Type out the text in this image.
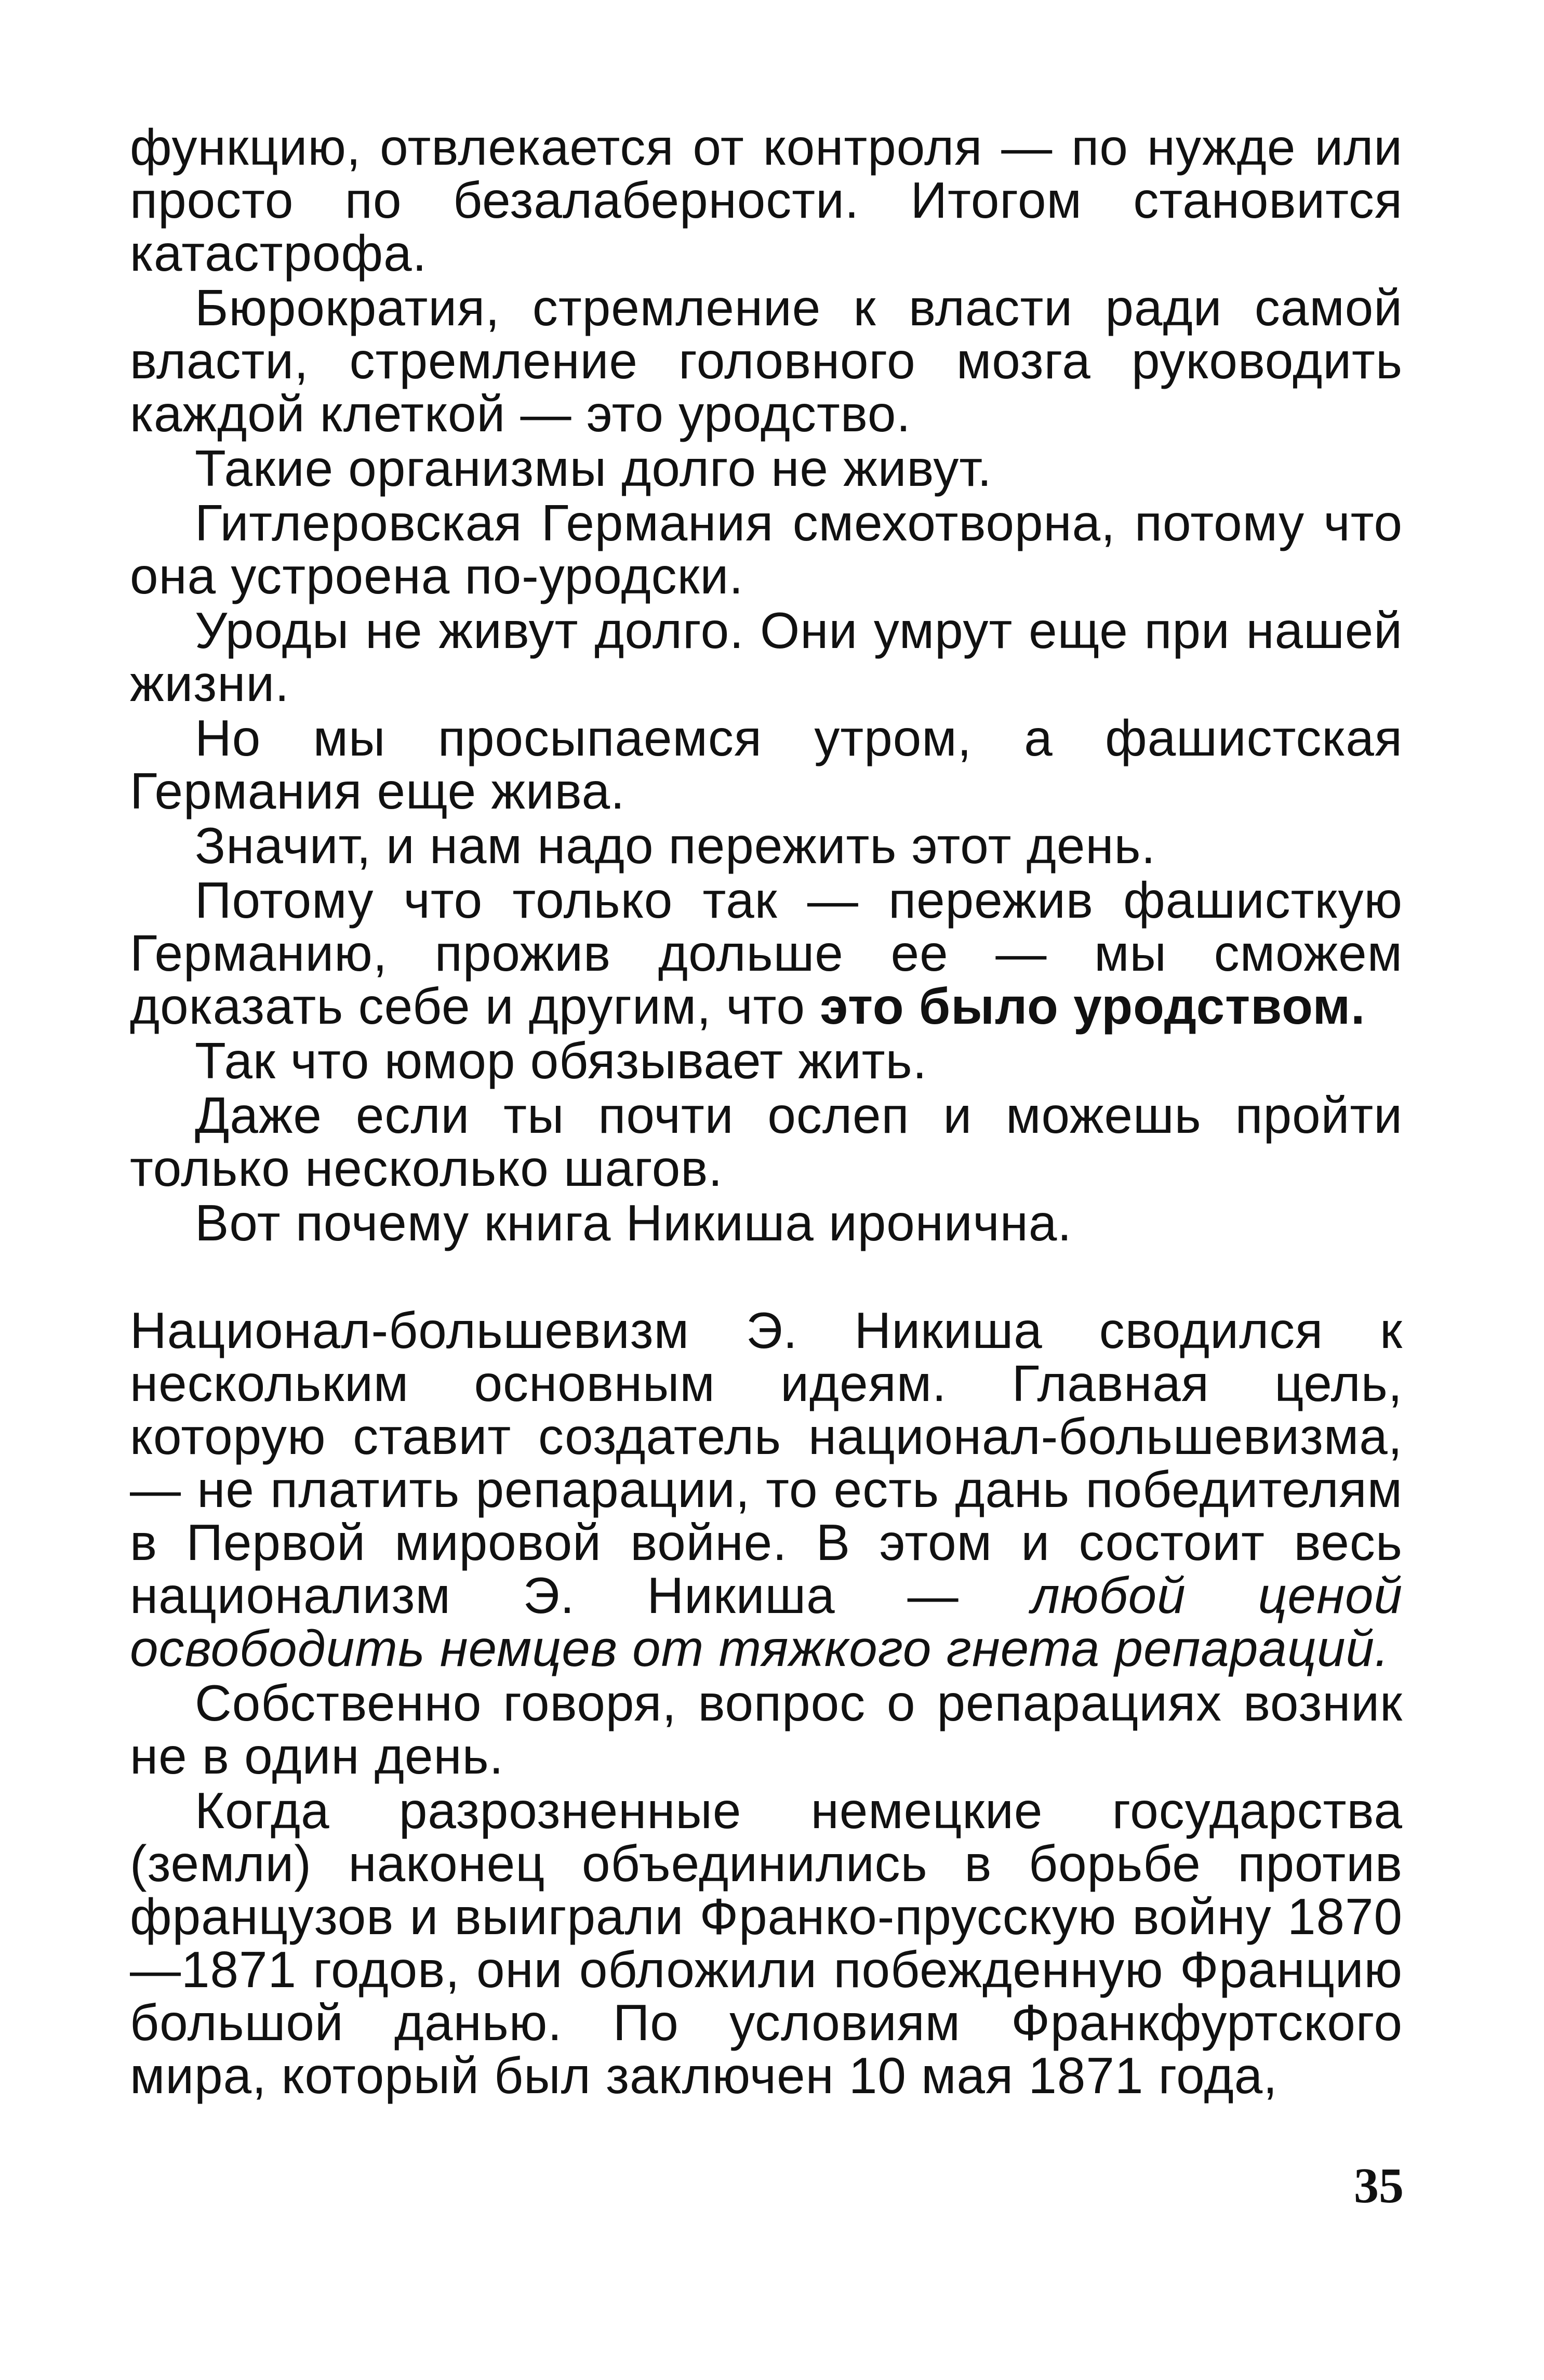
функцию, отвлекается от контроля — по нужде или просто по безалаберности. Итогом становится катастрофа.

Бюрократия, стремление к власти ради самой власти, стремление головного мозга руководить каждой клеткой — это уродство.

Такие организмы долго не живут.

Гитлеровская Германия смехотворна, потому что она устроена по-уродски.

Уроды не живут долго. Они умрут еще при нашей жизни.

Но мы просыпаемся утром, а фашистская Германия еще жива.

Значит, и нам надо пережить этот день.

Потому что только так — пережив фашисткую Германию, прожив дольше ее — мы сможем доказать себе и другим, что это было уродством.

Так что юмор обязывает жить.

Даже если ты почти ослеп и можешь пройти только несколько шагов.

Вот почему книга Никиша иронична.

Национал-большевизм Э. Никиша сводился к нескольким основным идеям. Главная цель, которую ставит создатель национал-большевизма, — не платить репарации, то есть дань победителям в Первой мировой войне. В этом и состоит весь национализм Э. Никиша — любой ценой освободить немцев от тяжкого гнета репараций.

Собственно говоря, вопрос о репарациях возник не в один день.

Когда разрозненные немецкие государства (земли) наконец объединились в борьбе против французов и выиграли Франко-прусскую войну 1870—1871 годов, они обложили побежденную Францию большой данью. По условиям Франкфуртского мира, который был заключен 10 мая 1871 года,

35
